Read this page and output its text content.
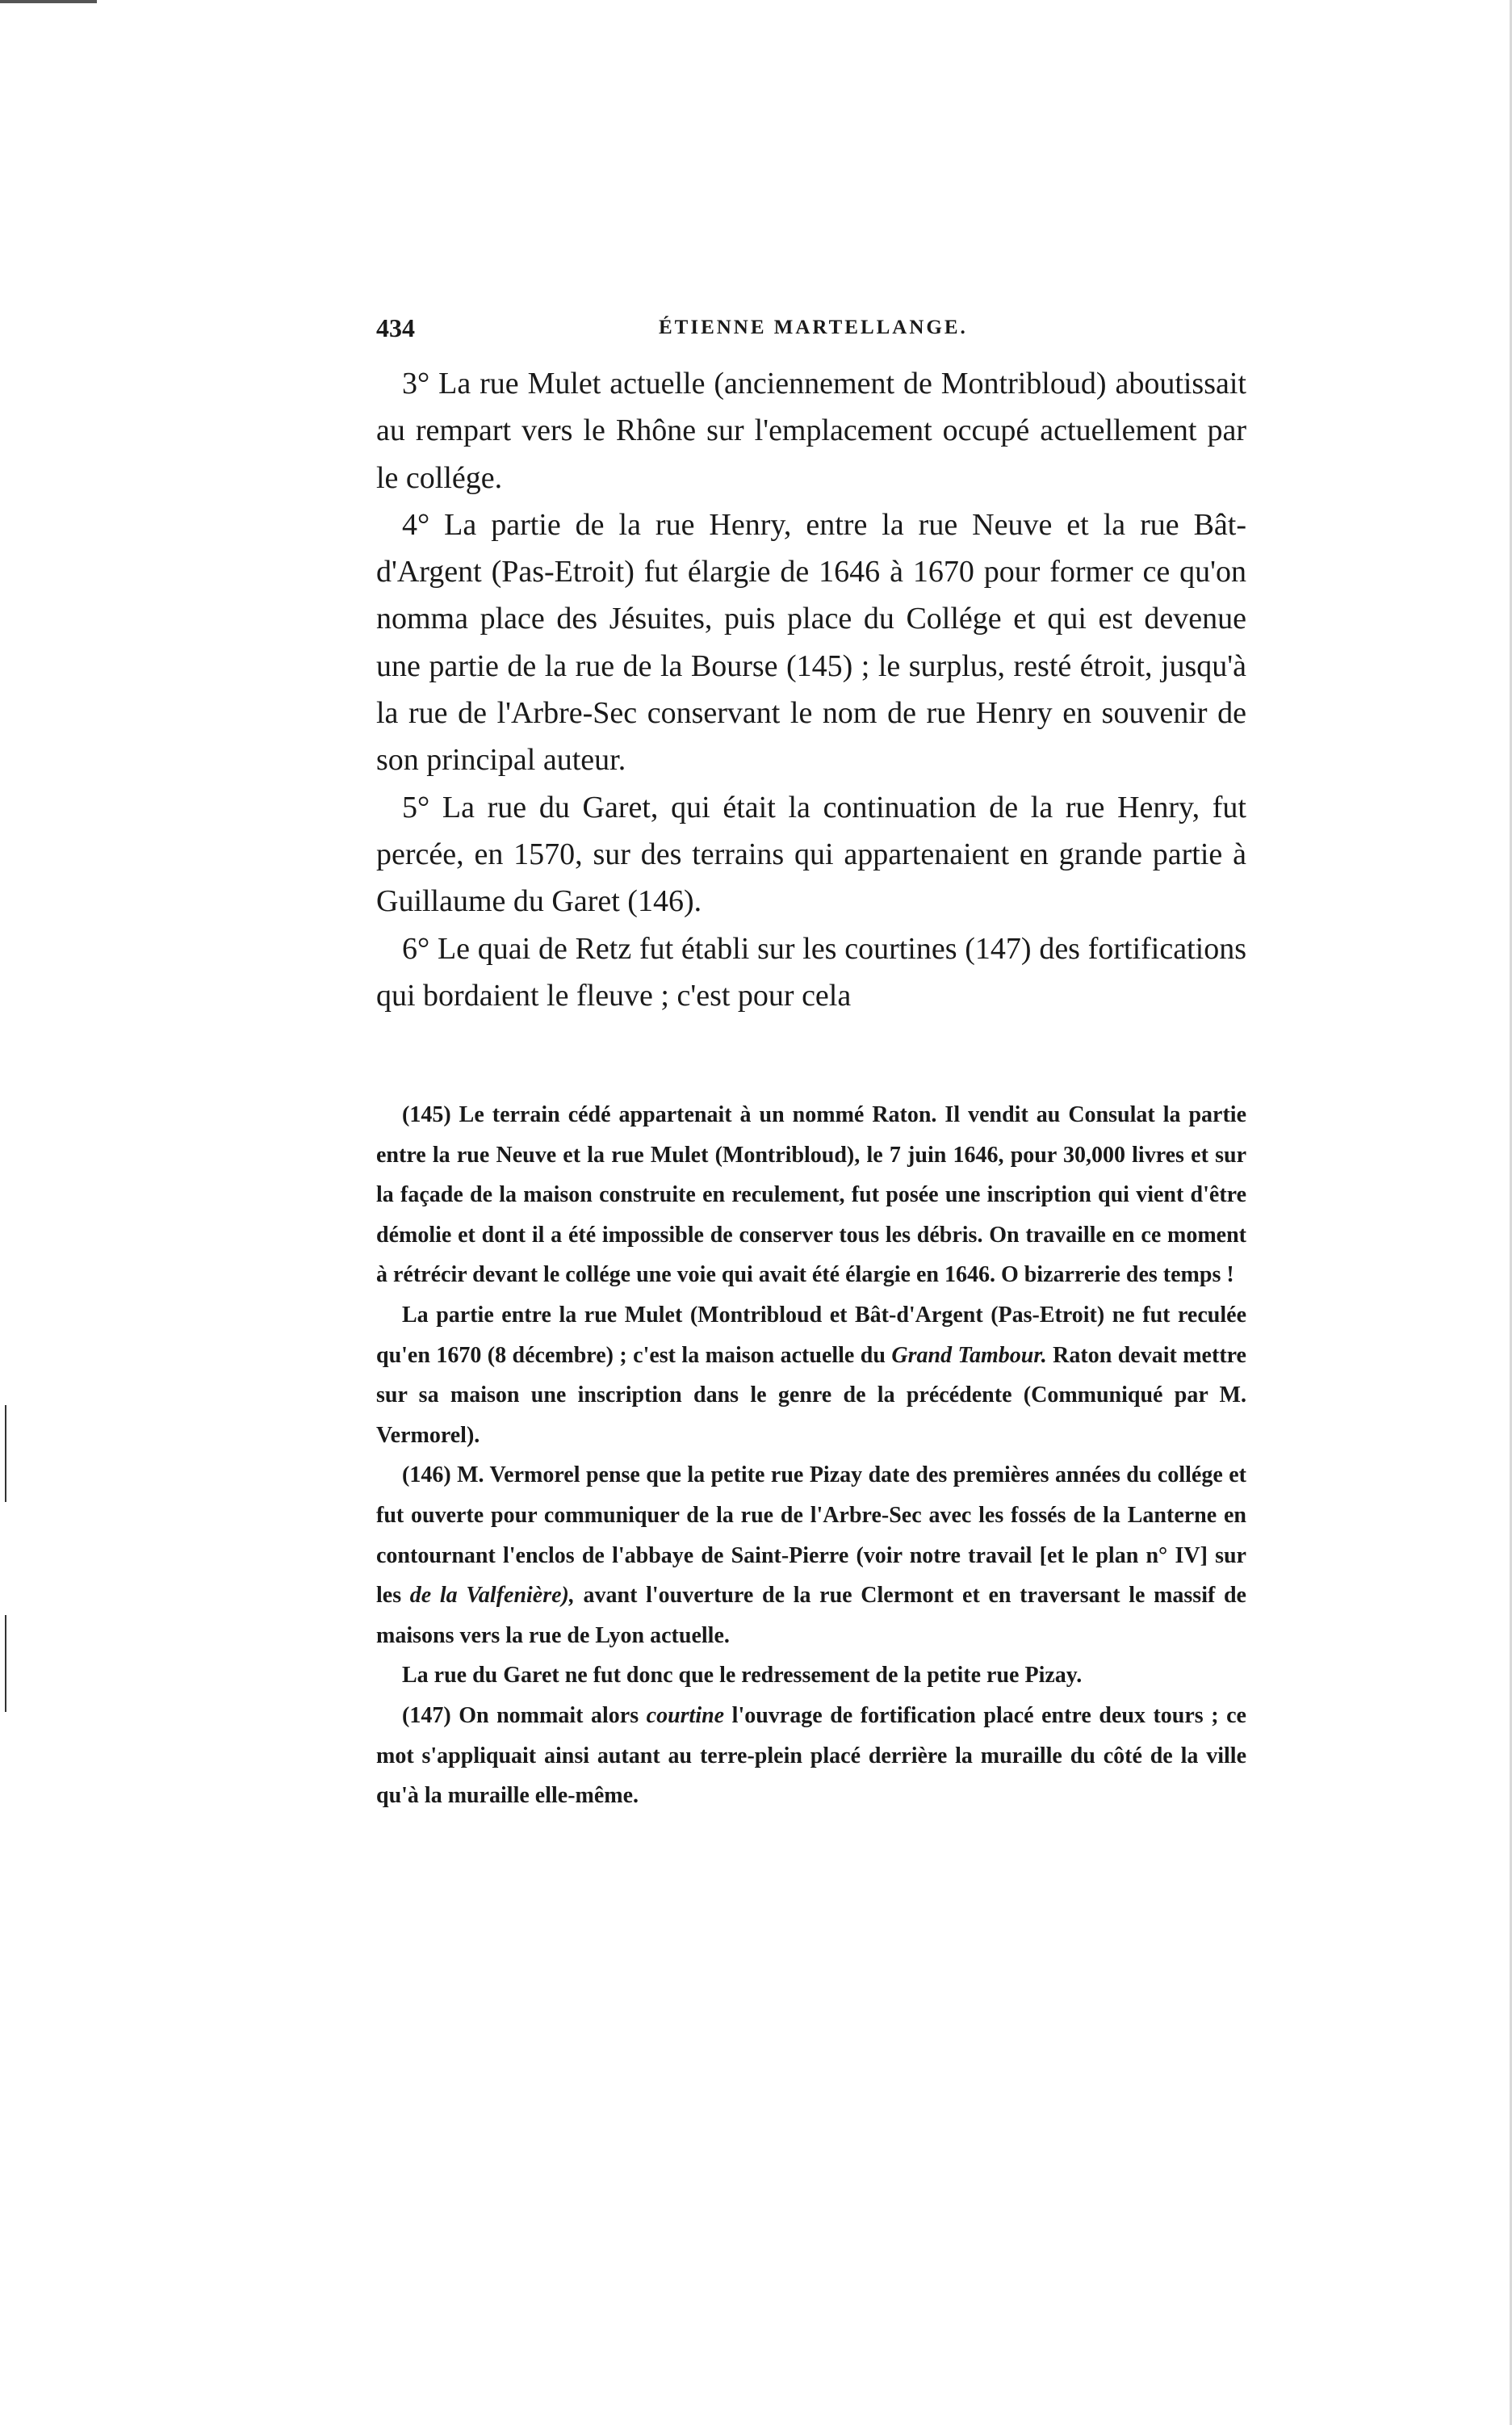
434	ÉTIENNE MARTELLANGE.

3° La rue Mulet actuelle (anciennement de Montribloud) aboutissait au rempart vers le Rhône sur l'emplacement occupé actuellement par le collége.

4° La partie de la rue Henry, entre la rue Neuve et la rue Bât-d'Argent (Pas-Etroit) fut élargie de 1646 à 1670 pour former ce qu'on nomma place des Jésuites, puis place du Collége et qui est devenue une partie de la rue de la Bourse (145) ; le surplus, resté étroit, jusqu'à la rue de l'Arbre-Sec conservant le nom de rue Henry en souvenir de son principal auteur.

5° La rue du Garet, qui était la continuation de la rue Henry, fut percée, en 1570, sur des terrains qui appartenaient en grande partie à Guillaume du Garet (146).

6° Le quai de Retz fut établi sur les courtines (147) des fortifications qui bordaient le fleuve ; c'est pour cela

(145) Le terrain cédé appartenait à un nommé Raton. Il vendit au Consulat la partie entre la rue Neuve et la rue Mulet (Montribloud), le 7 juin 1646, pour 30,000 livres et sur la façade de la maison construite en reculement, fut posée une inscription qui vient d'être démolie et dont il a été impossible de conserver tous les débris. On travaille en ce moment à rétrécir devant le collége une voie qui avait été élargie en 1646. O bizarrerie des temps !

La partie entre la rue Mulet (Montribloud et Bât-d'Argent (Pas-Etroit) ne fut reculée qu'en 1670 (8 décembre) ; c'est la maison actuelle du Grand Tambour. Raton devait mettre sur sa maison une inscription dans le genre de la précédente (Communiqué par M. Vermorel).

(146) M. Vermorel pense que la petite rue Pizay date des premières années du collége et fut ouverte pour communiquer de la rue de l'Arbre-Sec avec les fossés de la Lanterne en contournant l'enclos de l'abbaye de Saint-Pierre (voir notre travail [et le plan n° IV] sur les de la Valfenière), avant l'ouverture de la rue Clermont et en traversant le massif de maisons vers la rue de Lyon actuelle.

La rue du Garet ne fut donc que le redressement de la petite rue Pizay.

(147) On nommait alors courtine l'ouvrage de fortification placé entre deux tours ; ce mot s'appliquait ainsi autant au terre-plein placé derrière la muraille du côté de la ville qu'à la muraille elle-même.
